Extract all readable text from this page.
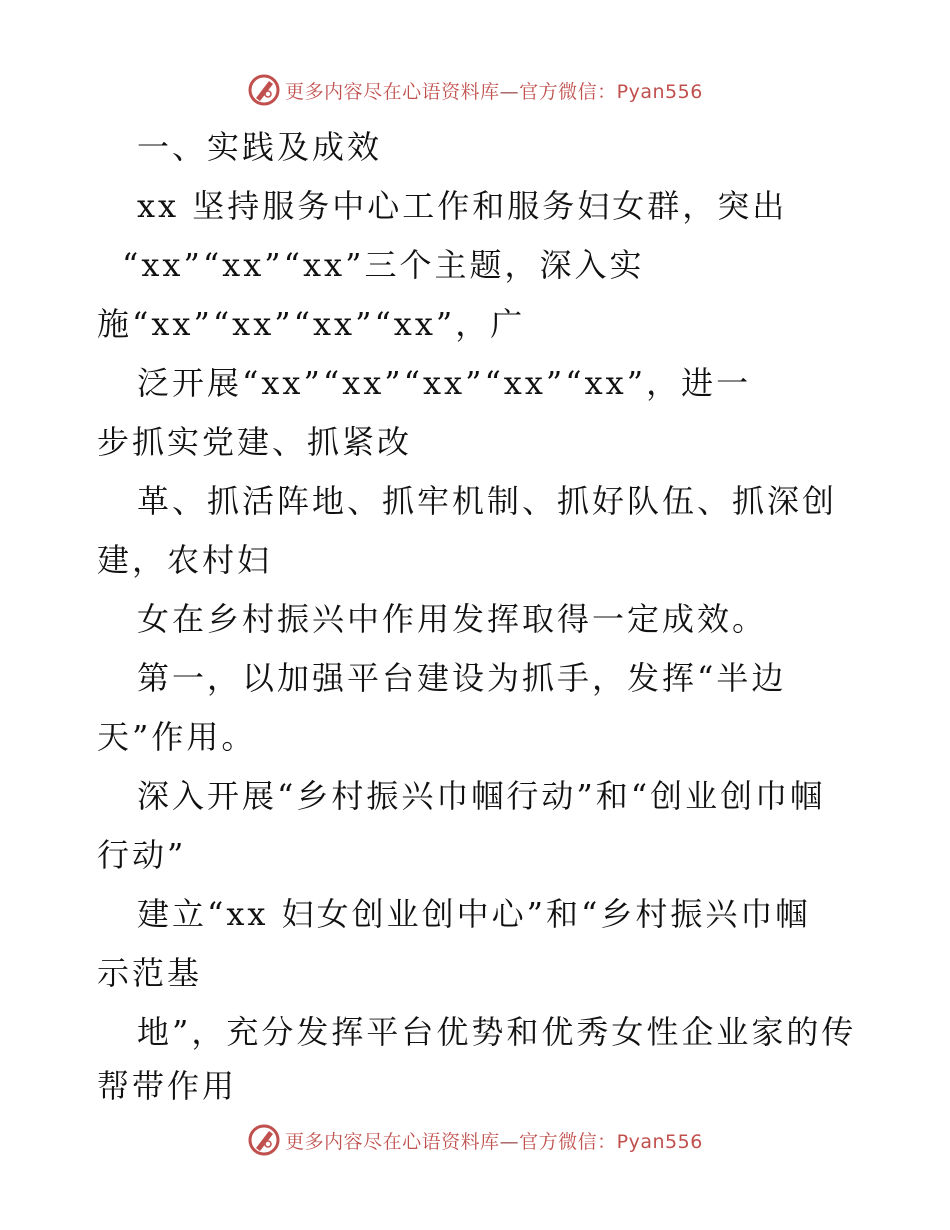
更多内容尽在心语资料库—官方微信：Pyan556
一、实践及成效
xx 坚持服务中心工作和服务妇女群，突出
“xx”“xx”“xx”三个主题，深入实
施“xx”“xx”“xx”“xx”，广
泛开展“xx”“xx”“xx”“xx”“xx”，进一
步抓实党建、抓紧改
革、抓活阵地、抓牢机制、抓好队伍、抓深创
建，农村妇
女在乡村振兴中作用发挥取得一定成效。
第一，以加强平台建设为抓手，发挥“半边
天”作用。
深入开展“乡村振兴巾帼行动”和“创业创巾帼
行动”
建立“xx 妇女创业创中心”和“乡村振兴巾帼
示范基
地”，充分发挥平台优势和优秀女性企业家的传
帮带作用
更多内容尽在心语资料库—官方微信：Pyan556
